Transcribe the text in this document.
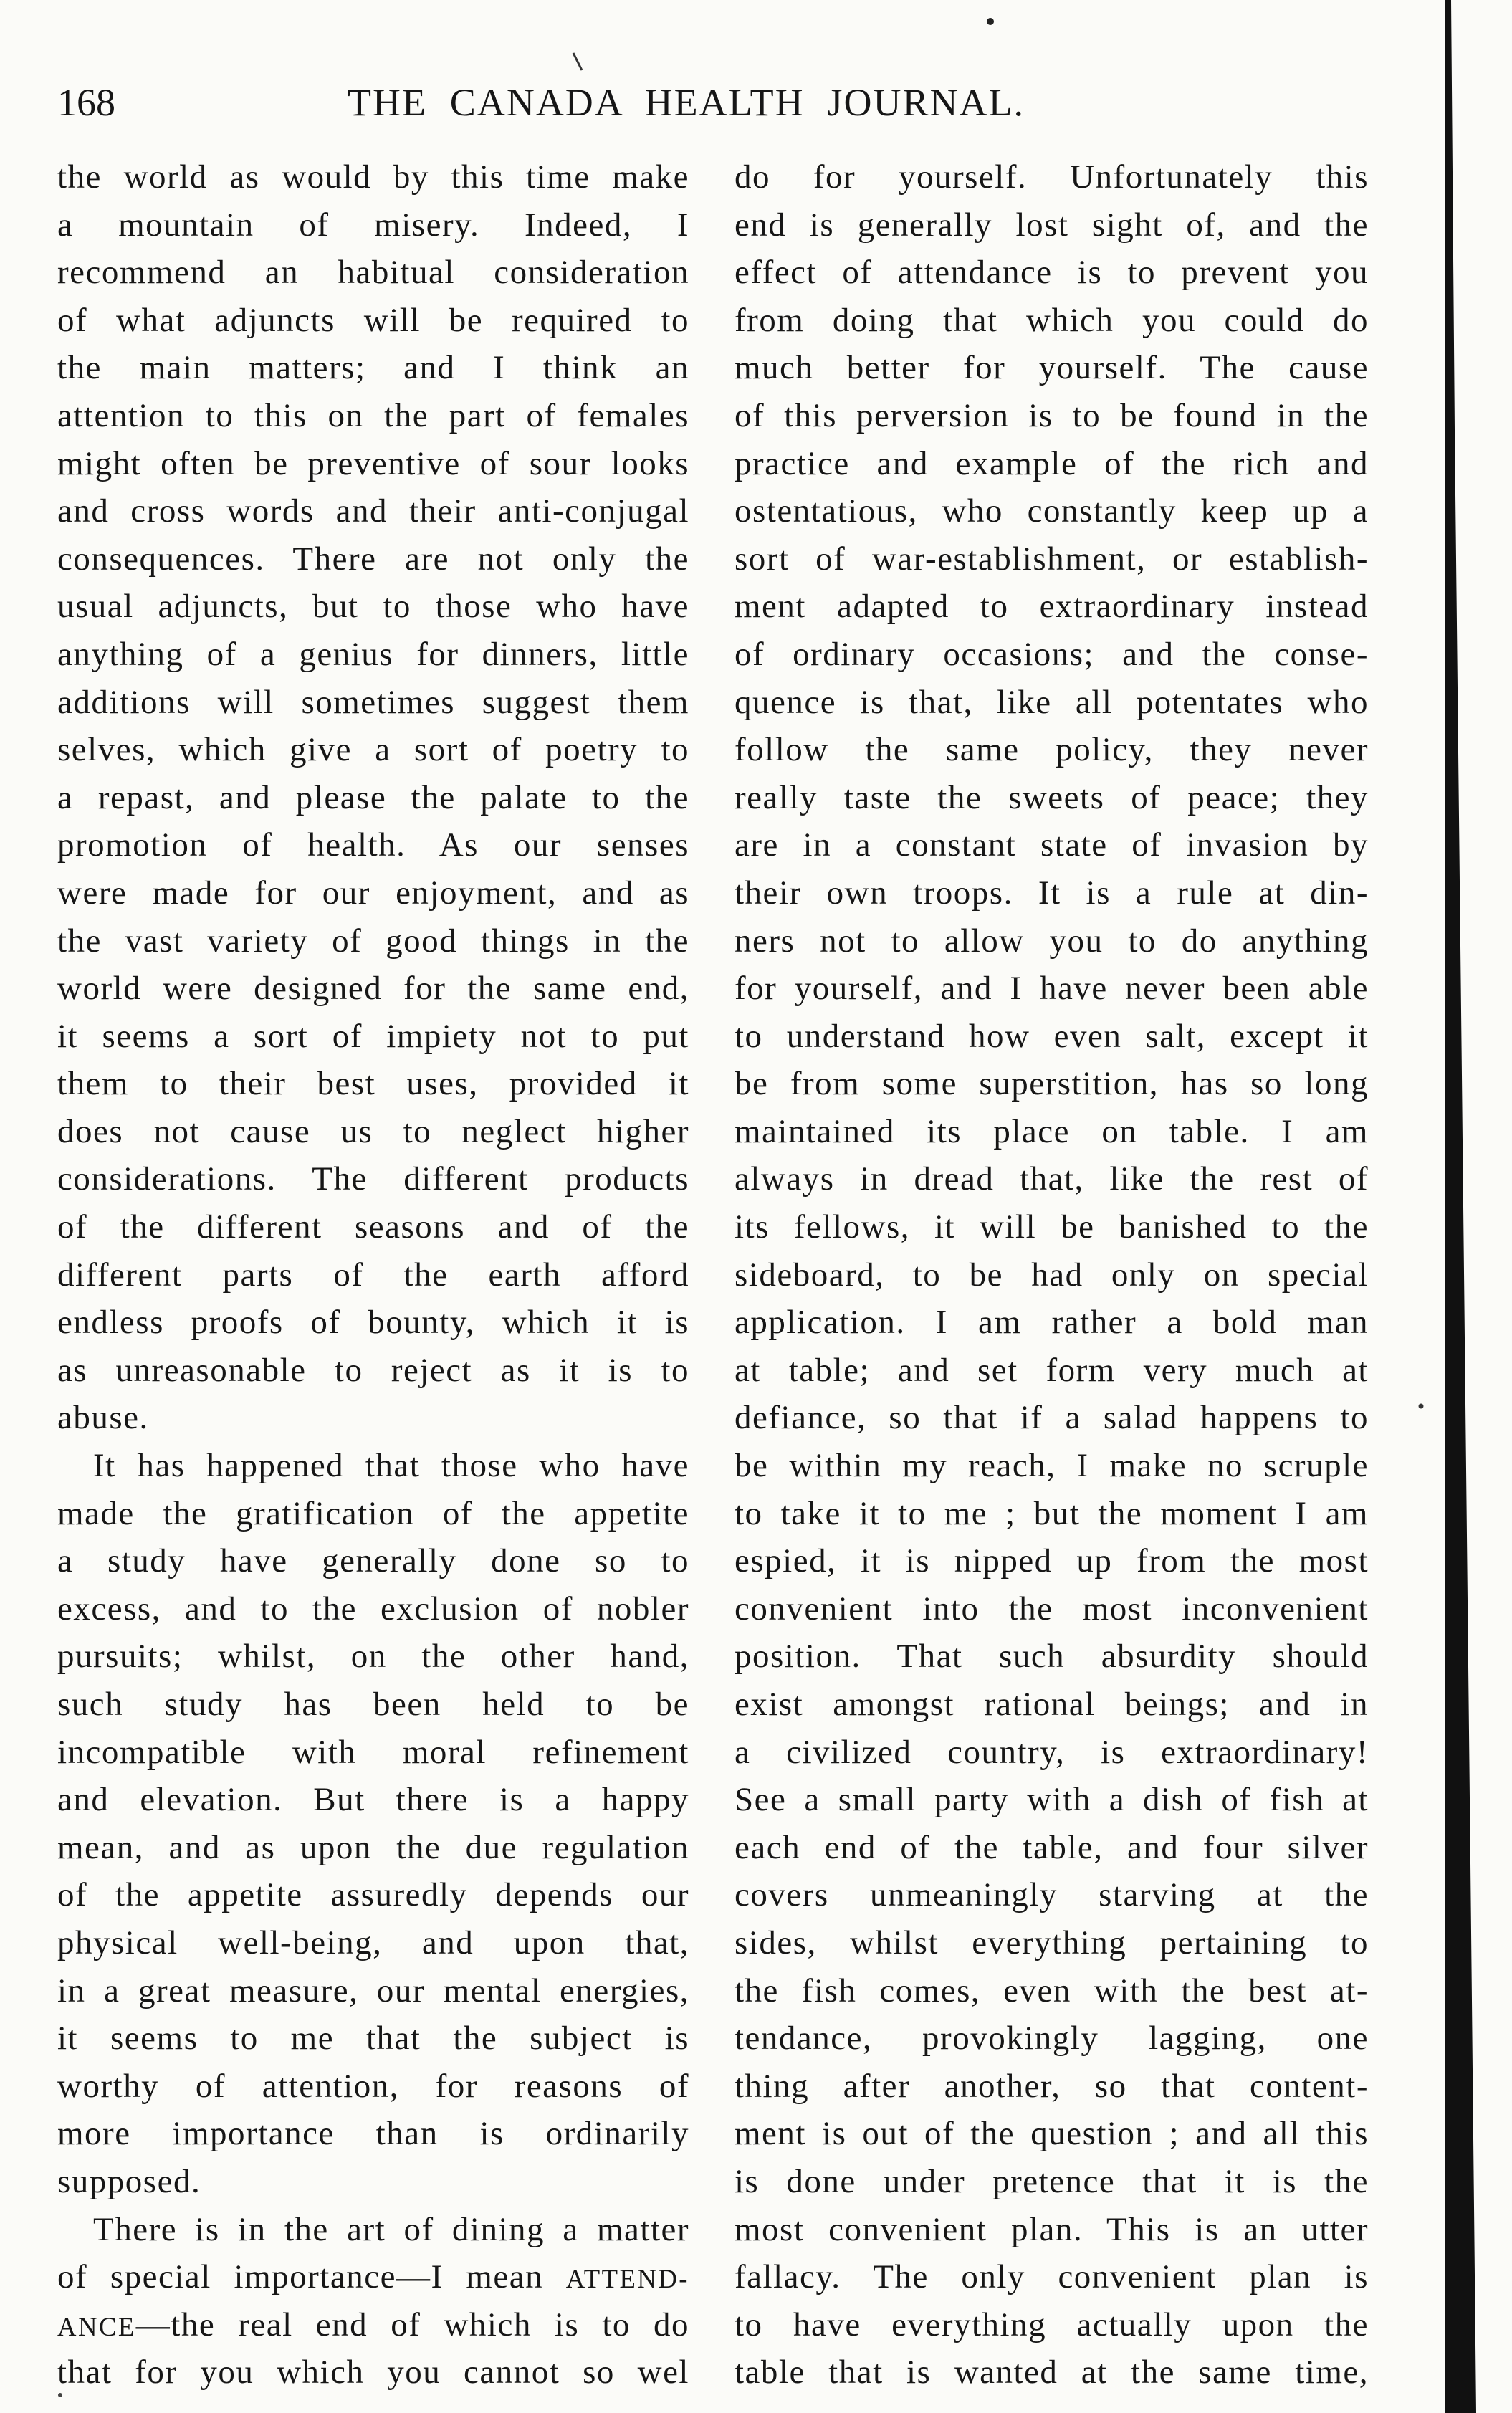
168	THE CANADA HEALTH JOURNAL.
the world as would by this time make
a mountain of misery. Indeed, I
recommend an habitual consideration
of what adjuncts will be required to
the main matters; and I think an
attention to this on the part of females
might often be preventive of sour looks
and cross words and their anti-conjugal
consequences. There are not only the
usual adjuncts, but to those who have
anything of a genius for dinners, little
additions will sometimes suggest them
selves, which give a sort of poetry to
a repast, and please the palate to the
promotion of health. As our senses
were made for our enjoyment, and as
the vast variety of good things in the
world were designed for the same end,
it seems a sort of impiety not to put
them to their best uses, provided it
does not cause us to neglect higher
considerations. The different products
of the different seasons and of the
different parts of the earth afford
endless proofs of bounty, which it is
as unreasonable to reject as it is to
abuse.
It has happened that those who have
made the gratification of the appetite
a study have generally done so to
excess, and to the exclusion of nobler
pursuits; whilst, on the other hand,
such study has been held to be
incompatible with moral refinement
and elevation. But there is a happy
mean, and as upon the due regulation
of the appetite assuredly depends our
physical well-being, and upon that,
in a great measure, our mental energies,
it seems to me that the subject is
worthy of attention, for reasons of
more importance than is ordinarily
supposed.
There is in the art of dining a matter
of special importance—I mean ATTEND-
ANCE—the real end of which is to do
that for you which you cannot so wel
do for yourself. Unfortunately this
end is generally lost sight of, and the
effect of attendance is to prevent you
from doing that which you could do
much better for yourself. The cause
of this perversion is to be found in the
practice and example of the rich and
ostentatious, who constantly keep up a
sort of war-establishment, or establish-
ment adapted to extraordinary instead
of ordinary occasions; and the conse-
quence is that, like all potentates who
follow the same policy, they never
really taste the sweets of peace; they
are in a constant state of invasion by
their own troops. It is a rule at din-
ners not to allow you to do anything
for yourself, and I have never been able
to understand how even salt, except it
be from some superstition, has so long
maintained its place on table. I am
always in dread that, like the rest of
its fellows, it will be banished to the
sideboard, to be had only on special
application. I am rather a bold man
at table; and set form very much at
defiance, so that if a salad happens to
be within my reach, I make no scruple
to take it to me ; but the moment I am
espied, it is nipped up from the most
convenient into the most inconvenient
position. That such absurdity should
exist amongst rational beings; and in
a civilized country, is extraordinary!
See a small party with a dish of fish at
each end of the table, and four silver
covers unmeaningly starving at the
sides, whilst everything pertaining to
the fish comes, even with the best at-
tendance, provokingly lagging, one
thing after another, so that content-
ment is out of the question ; and all this
is done under pretence that it is the
most convenient plan. This is an utter
fallacy. The only convenient plan is
to have everything actually upon the
table that is wanted at the same time,
